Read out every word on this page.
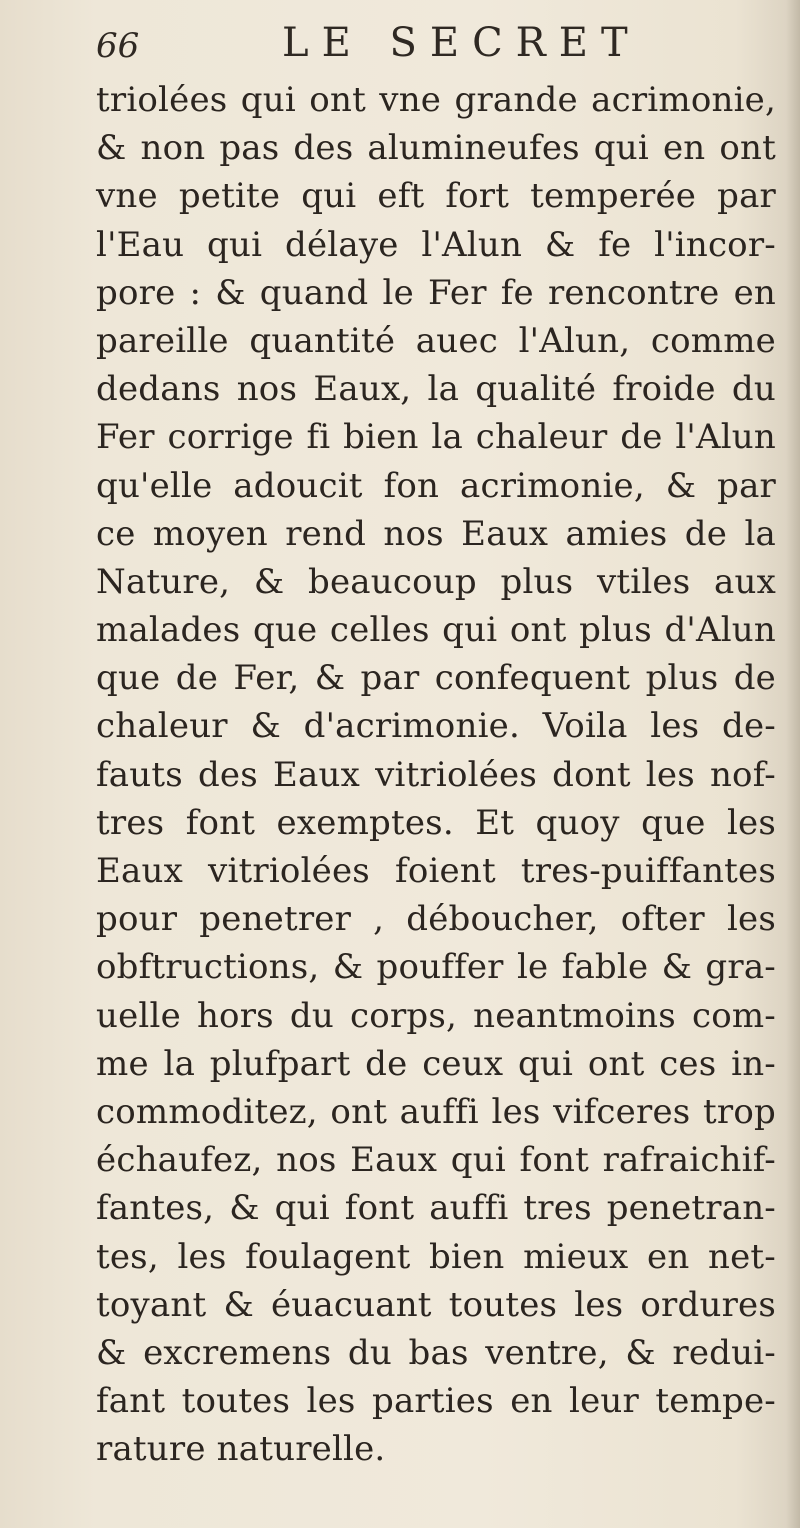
66	LE SECRET
triolées qui ont vne grande acrimonie,
& non pas des alumineufes qui en ont
vne petite qui eft fort temperée par
l'Eau qui délaye l'Alun & fe l'incor-
pore : & quand le Fer fe rencontre en
pareille quantité auec l'Alun, comme
dedans nos Eaux, la qualité froide du
Fer corrige fi bien la chaleur de l'Alun
qu'elle adoucit fon acrimonie, & par
ce moyen rend nos Eaux amies de la
Nature, & beaucoup plus vtiles aux
malades que celles qui ont plus d'Alun
que de Fer, & par confequent plus de
chaleur & d'acrimonie. Voila les de-
fauts des Eaux vitriolées dont les nof-
tres font exemptes. Et quoy que les
Eaux vitriolées foient tres-puiffantes
pour penetrer , déboucher, ofter les
obftructions, & pouffer le fable & gra-
uelle hors du corps, neantmoins com-
me la plufpart de ceux qui ont ces in-
commoditez, ont auffi les vifceres trop
échaufez, nos Eaux qui font rafraichif-
fantes, & qui font auffi tres penetran-
tes, les foulagent bien mieux en net-
toyant & éuacuant toutes les ordures
& excremens du bas ventre, & redui-
fant toutes les parties en leur tempe-
rature naturelle.
